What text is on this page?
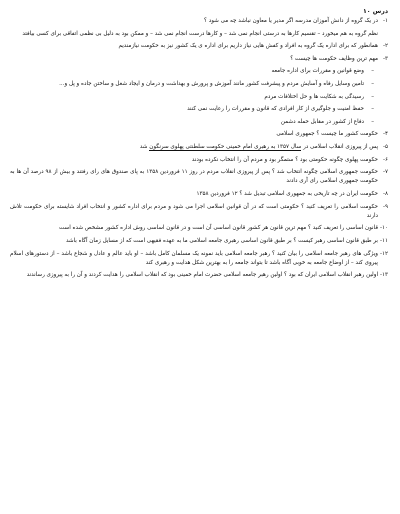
درس ۱۰
۱-
در یک گروه از دانش آموزان مدرسه اگر مدیر یا معاون نباشد چه می شود ؟
نظم گروه به هم میخورد – تقسیم کارها به درستی انجام نمی شد – و کارها درست انجام نمی شد – و ممکن بود به دلیل بی نظمی اتفاقی برای کسی بیافتد
۲-
همانطور که برای اداره یک گروه به افراد و کفش هایی نیاز داریم برای اداره ی یک کشور نیز به حکومت نیازمندیم
۳-
مهم ترین وظایف حکومت ها چیست ؟
–
وضع قوانین و مقررات برای اداره جامعه
–
تامین وسایل رفاه و آسایش مردم و پیشرفت کشور مانند آموزش و پرورش و بهداشت و درمان و ایجاد شغل و ساختن جاده و پل و...
–
رسیدگی به شکایت ها و حل اختلافات مردم
–
حفظ امنیت و جلوگیری از کار افرادی که قانون و مقررات را رعایت نمی کنند
–
دفاع از کشور در مقابل حمله دشمن
۴-
حکومت کشور ما چیست ؟ جمهوری اسلامی
۵-
پس از پیروزی انقلاب اسلامی در سال ۱۳۵۷ به رهبری امام خمینی حکومت سلطنتی پهلوی سرنگون شد
۶-
حکومت پهلوی چگونه حکومتی بود ؟ ستمگر بود و مردم آن را انتخاب نکرده بودند
۷-
حکومت جمهوری اسلامی چگونه انتخاب شد ؟ پس از پیروزی انقلاب مردم در روز ۱۱ فروردین ۱۳۵۸ به پای صندوق های رای رفتند و بیش از ۹۸ درصد آن ها به حکومت جمهوری اسلامی رای آری دادند
۸-
حکومت ایران در چه تاریخی به جمهوری اسلامی تبدیل شد ؟ ۱۲ فروردین ۱۳۵۸
۹-
حکومت اسلامی را تعریف کنید ؟ حکومتی است که در آن قوانین اسلامی اجرا می شود و مردم برای اداره کشور و انتخاب افراد شایسته برای حکومت تلاش دارند
۱۰-
قانون اساسی را تعریف کنید ؟ مهم ترین قانون هر کشور قانون اساسی آن است و در قانون اساسی روش اداره کشور مشخص شده است
۱۱-
بر طبق قانون اساسی رهبر کیست ؟ بر طبق قانون اساسی رهبری جامعه اسلامی ما به عهده فقیهی است که از مسایل زمان آگاه باشد
۱۲-
ویژگی های رهبر جامعه اسلامی را بیان کنید ؟ رهبر جامعه اسلامی باید نمونه یک مسلمان کامل باشد – او باید عالم و عادل و شجاع باشد – از دستورهای اسلام پیروی کند – از اوضاع جامعه به خوبی آگاه باشد تا بتواند جامعه را به بهترین شکل هدایت و رهبری کند
۱۳-
اولین رهبر انقلاب اسلامی ایران که بود ؟ اولین رهبر جامعه اسلامی حضرت امام خمینی بود که انقلاب اسلامی را هدایت کردند و آن را به پیروزی رساندند
